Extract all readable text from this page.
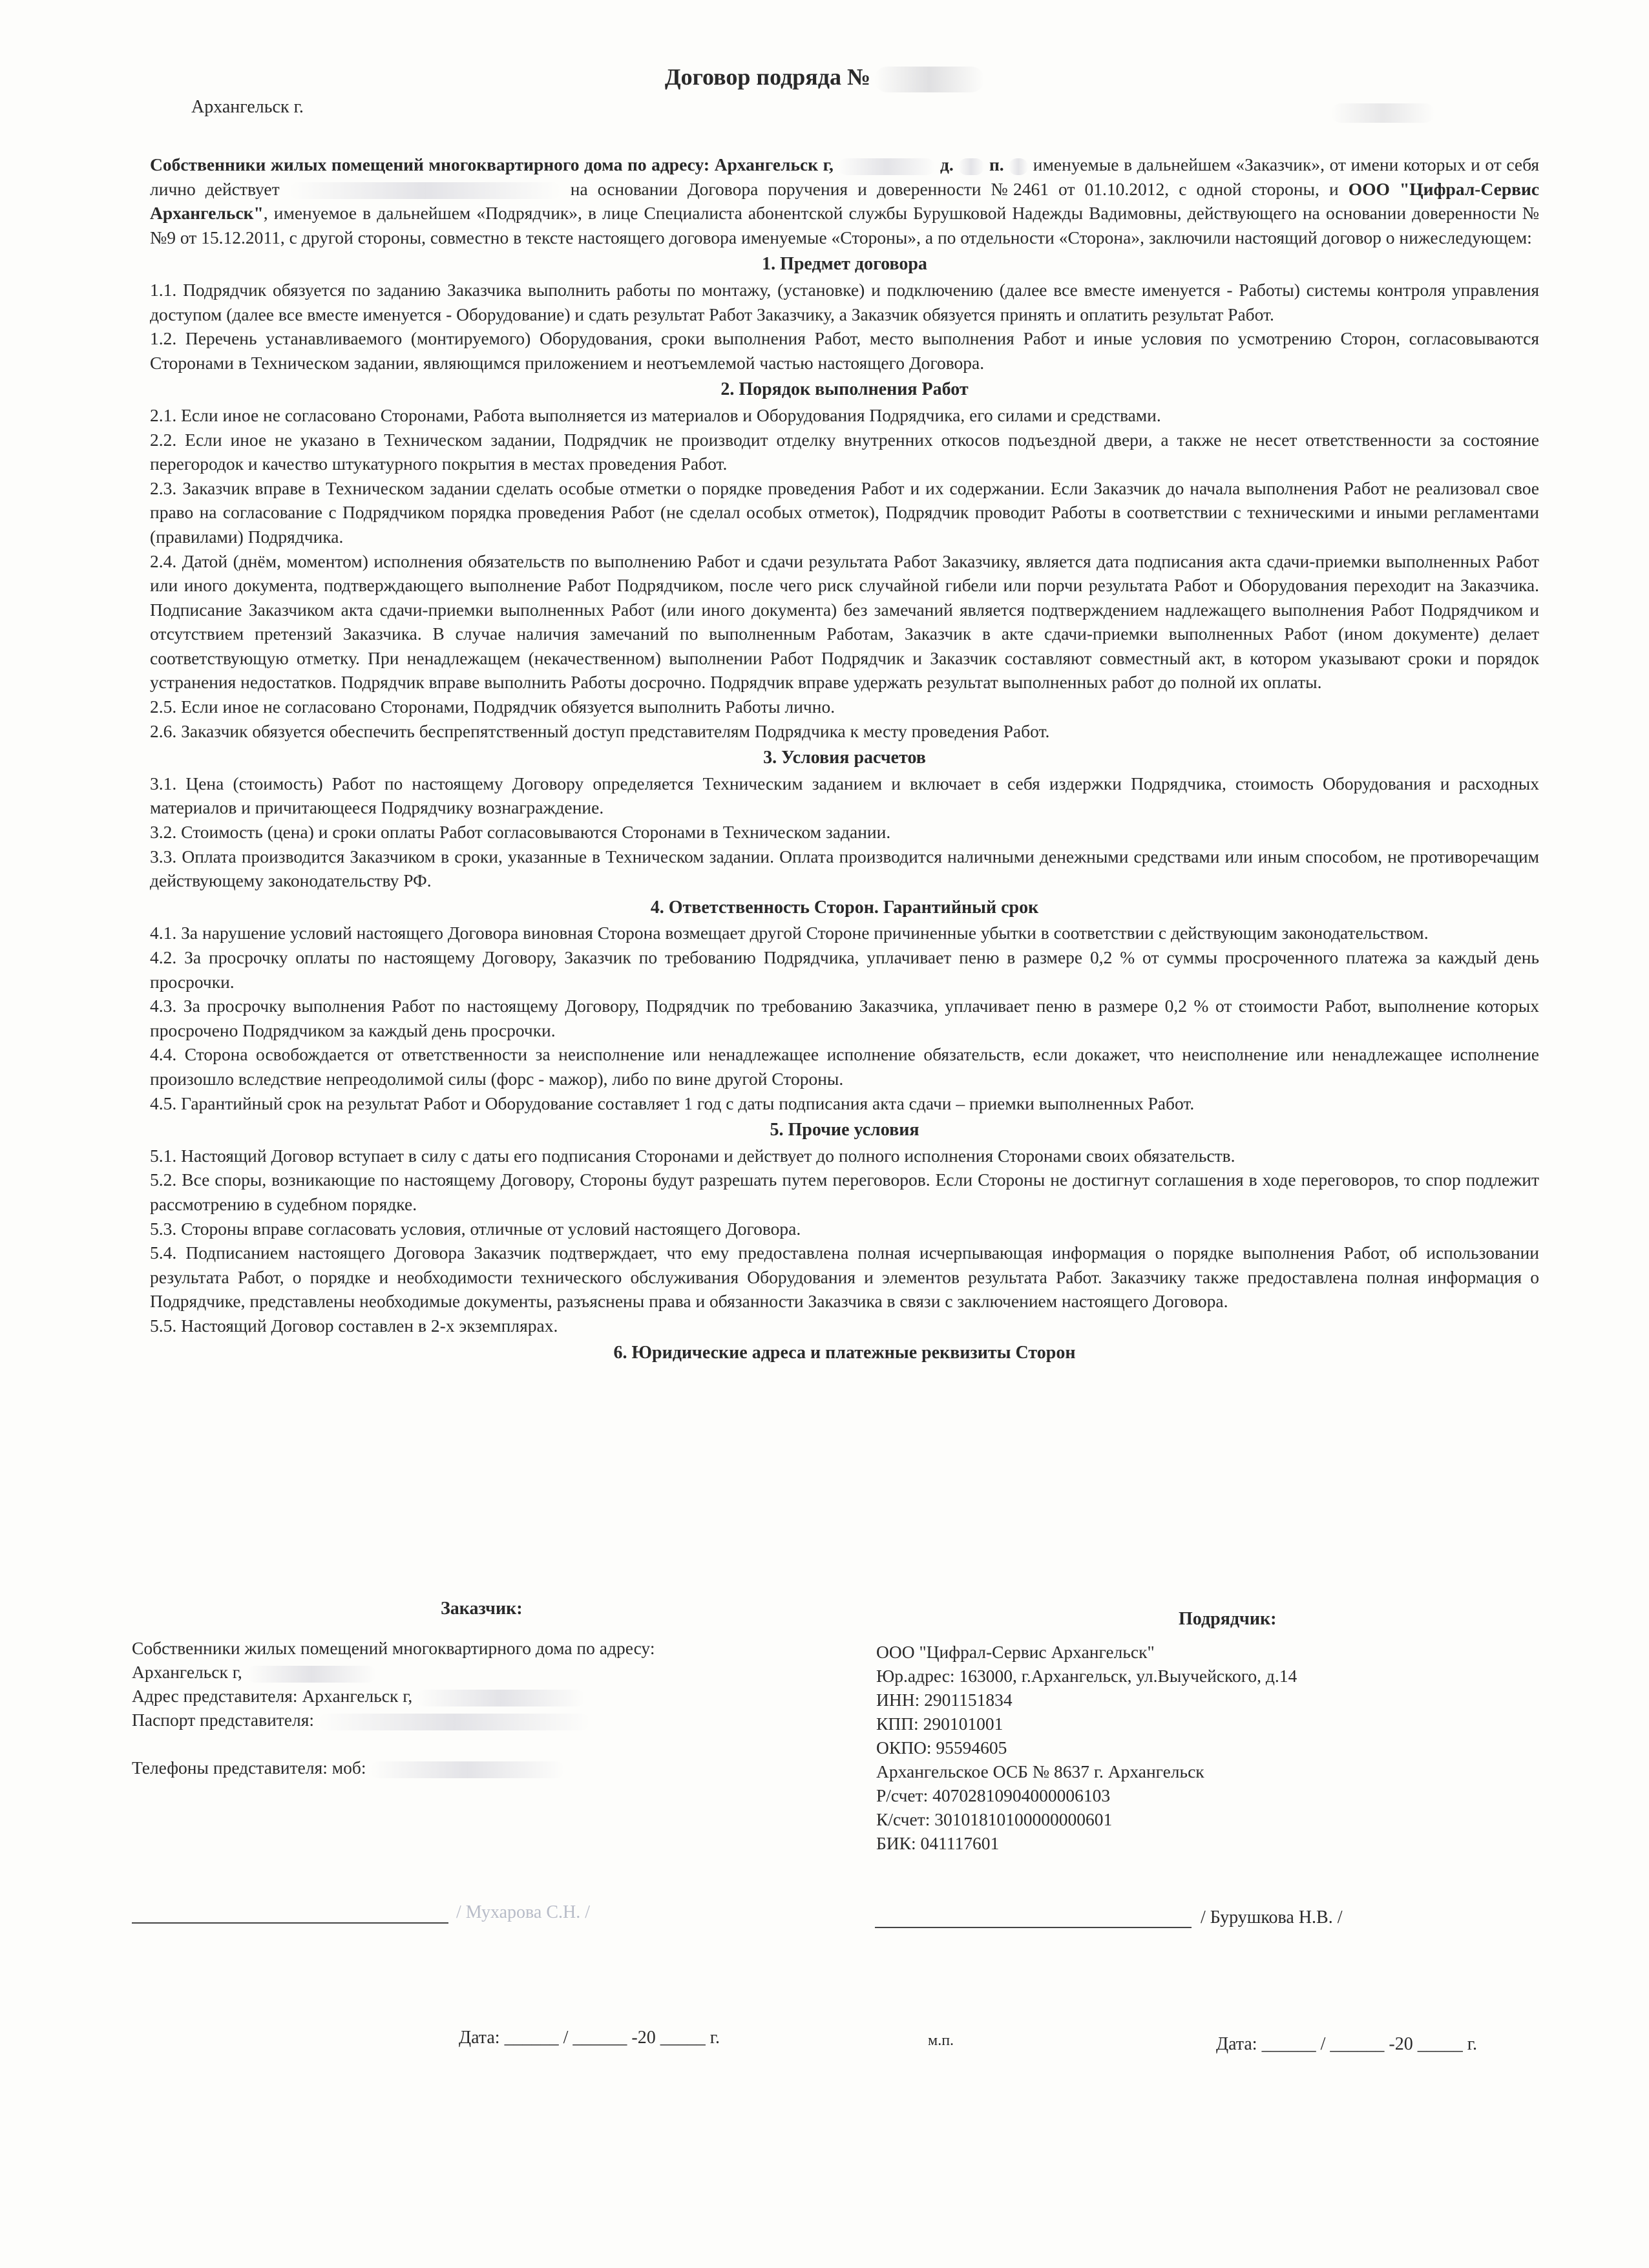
Договор подряда №
Архангельск г.

Собственники жилых помещений многоквартирного дома по адресу: Архангельск г,	д. п. именуемые в дальнейшем «Заказчик», от имени которых и от себя лично действует	на основании Договора поручения и доверенности №2461 от 01.10.2012, с одной стороны, и ООО "Цифрал-Сервис Архангельск", именуемое в дальнейшем «Подрядчик», в лице Специалиста абонентской службы Бурушковой Надежды Вадимовны, действующего на основании доверенности № №9 от 15.12.2011, с другой стороны, совместно в тексте настоящего договора именуемые «Стороны», а по отдельности «Сторона», заключили настоящий договор о нижеследующем:

1. Предмет договора

1.1. Подрядчик обязуется по заданию Заказчика выполнить работы по монтажу, (установке) и подключению (далее все вместе именуется - Работы) системы контроля управления доступом (далее все вместе именуется - Оборудование) и сдать результат Работ Заказчику, а Заказчик обязуется принять и оплатить результат Работ.

1.2. Перечень устанавливаемого (монтируемого) Оборудования, сроки выполнения Работ, место выполнения Работ и иные условия по усмотрению Сторон, согласовываются Сторонами в Техническом задании, являющимся приложением и неотъемлемой частью настоящего Договора.

2. Порядок выполнения Работ

2.1. Если иное не согласовано Сторонами, Работа выполняется из материалов и Оборудования Подрядчика, его силами и средствами.

2.2. Если иное не указано в Техническом задании, Подрядчик не производит отделку внутренних откосов подъездной двери, а также не несет ответственности за состояние перегородок и качество штукатурного покрытия в местах проведения Работ.

2.3. Заказчик вправе в Техническом задании сделать особые отметки о порядке проведения Работ и их содержании. Если Заказчик до начала выполнения Работ не реализовал свое право на согласование с Подрядчиком порядка проведения Работ (не сделал особых отметок), Подрядчик проводит Работы в соответствии с техническими и иными регламентами (правилами) Подрядчика.

2.4. Датой (днём, моментом) исполнения обязательств по выполнению Работ и сдачи результата Работ Заказчику, является дата подписания акта сдачи-приемки выполненных Работ или иного документа, подтверждающего выполнение Работ Подрядчиком, после чего риск случайной гибели или порчи результата Работ и Оборудования переходит на Заказчика. Подписание Заказчиком акта сдачи-приемки выполненных Работ (или иного документа) без замечаний является подтверждением надлежащего выполнения Работ Подрядчиком и отсутствием претензий Заказчика. В случае наличия замечаний по выполненным Работам, Заказчик в акте сдачи-приемки выполненных Работ (ином документе) делает соответствующую отметку. При ненадлежащем (некачественном) выполнении Работ Подрядчик и Заказчик составляют совместный акт, в котором указывают сроки и порядок устранения недостатков. Подрядчик вправе выполнить Работы досрочно. Подрядчик вправе удержать результат выполненных работ до полной их оплаты.

2.5. Если иное не согласовано Сторонами, Подрядчик обязуется выполнить Работы лично.

2.6. Заказчик обязуется обеспечить беспрепятственный доступ представителям Подрядчика к месту проведения Работ.

3. Условия расчетов

3.1. Цена (стоимость) Работ по настоящему Договору определяется Техническим заданием и включает в себя издержки Подрядчика, стоимость Оборудования и расходных материалов и причитающееся Подрядчику вознаграждение.

3.2. Стоимость (цена) и сроки оплаты Работ согласовываются Сторонами в Техническом задании.

3.3. Оплата производится Заказчиком в сроки, указанные в Техническом задании. Оплата производится наличными денежными средствами или иным способом, не противоречащим действующему законодательству РФ.

4. Ответственность Сторон. Гарантийный срок

4.1. За нарушение условий настоящего Договора виновная Сторона возмещает другой Стороне причиненные убытки в соответствии с действующим законодательством.

4.2. За просрочку оплаты по настоящему Договору, Заказчик по требованию Подрядчика, уплачивает пеню в размере 0,2 % от суммы просроченного платежа за каждый день просрочки.

4.3. За просрочку выполнения Работ по настоящему Договору, Подрядчик по требованию Заказчика, уплачивает пеню в размере 0,2 % от стоимости Работ, выполнение которых просрочено Подрядчиком за каждый день просрочки.

4.4. Сторона освобождается от ответственности за неисполнение или ненадлежащее исполнение обязательств, если докажет, что неисполнение или ненадлежащее исполнение произошло вследствие непреодолимой силы (форс - мажор), либо по вине другой Стороны.

4.5. Гарантийный срок на результат Работ и Оборудование составляет 1 год с даты подписания акта сдачи – приемки выполненных Работ.

5. Прочие условия

5.1. Настоящий Договор вступает в силу с даты его подписания Сторонами и действует до полного исполнения Сторонами своих обязательств.

5.2. Все споры, возникающие по настоящему Договору, Стороны будут разрешать путем переговоров. Если Стороны не достигнут соглашения в ходе переговоров, то спор подлежит рассмотрению в судебном порядке.

5.3. Стороны вправе согласовать условия, отличные от условий настоящего Договора.

5.4. Подписанием настоящего Договора Заказчик подтверждает, что ему предоставлена полная исчерпывающая информация о порядке выполнения Работ, об использовании результата Работ, о порядке и необходимости технического обслуживания Оборудования и элементов результата Работ. Заказчику также предоставлена полная информация о Подрядчике, представлены необходимые документы, разъяснены права и обязанности Заказчика в связи с заключением настоящего Договора.

5.5. Настоящий Договор составлен в 2-х экземплярах.

6. Юридические адреса и платежные реквизиты Сторон
Заказчик:
Подрядчик:
Собственники жилых помещений многоквартирного дома по адресу:
Архангельск г,
Адрес представителя: Архангельск г,
Паспорт представителя:
Телефоны представителя: моб:
ООО "Цифрал-Сервис Архангельск"
Юр.адрес: 163000, г.Архангельск, ул.Выучейского, д.14
ИНН: 2901151834
КПП: 290101001
ОКПО: 95594605
Архангельское ОСБ № 8637 г. Архангельск
Р/счет: 40702810904000006103
К/счет: 30101810100000000601
БИК: 041117601
/ Мухарова С.Н. /	/ Бурушкова Н.В. /
Дата: ______ / ______ -20 _____ г.	м.п.	Дата: ______ / ______ -20 _____ г.
